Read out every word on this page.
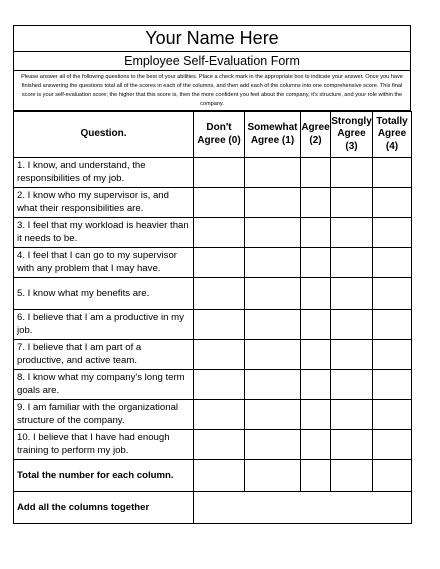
Your Name Here
Employee Self-Evaluation Form
Please answer all of the following questions to the best of your abilities. Place a check mark in the appropriate box to indicate your answer. Once you have finished answering the questions total all of the scores in each of the columns, and then add each of the columns into one comprehensive score. This final score is your self-evaluation score; the higher that this score is, then the more confident you feel about the company, it's structure, and your role within the company.
Question.	Don't Agree (0)	Somewhat Agree (1)	Agree (2)	Strongly Agree (3)	Totally Agree (4)
1. I know, and understand, the responsibilities of my job.					
2. I know who my supervisor is, and what their responsibilities are.					
3. I feel that my workload is heavier than it needs to be.					
4. I feel that I can go to my supervisor with any problem that I may have.					
5. I know what my benefits are.					
6. I believe that I am a productive in my job.					
7. I believe that I am part of a productive, and active team.					
8. I know what my company's long term goals are.					
9. I am familiar with the organizational structure of the company.					
10. I believe that I have had enough training to perform my job.					
Total the number for each column.					
Add all the columns together					
